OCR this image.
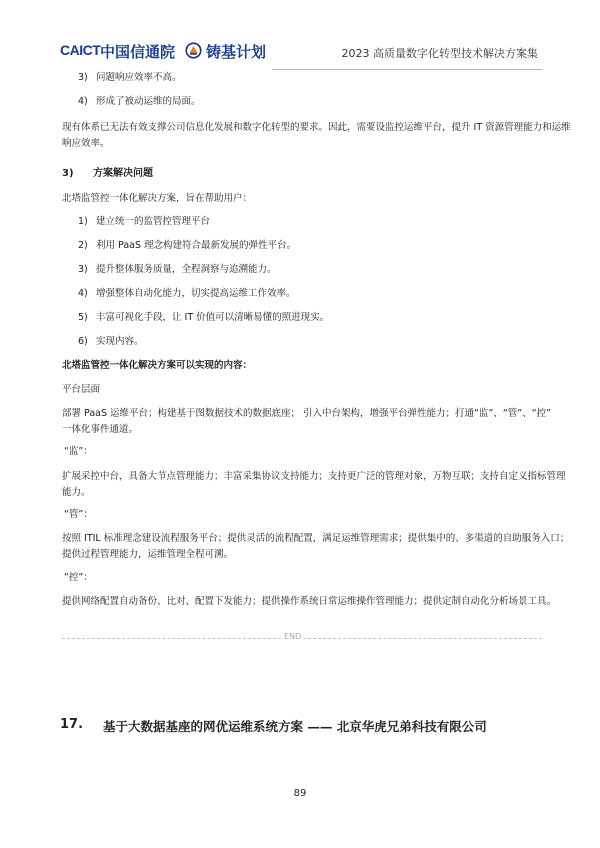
CAICT 中国信通院 铸基计划	2023 高质量数字化转型技术解决方案集
3) 问题响应效率不高。
4) 形成了被动运维的局面。
现有体系已无法有效支撑公司信息化发展和数字化转型的要求。因此，需要设监控运维平台，提升 IT 资源管理能力和运维
响应效率。
3) 方案解决问题
北塔监管控一体化解决方案，旨在帮助用户：
1) 建立统一的监管控管理平台
2) 利用 PaaS 理念构建符合最新发展的弹性平台。
3) 提升整体服务质量，全程洞察与追溯能力。
4) 增强整体自动化能力，切实提高运维工作效率。
5) 丰富可视化手段，让 IT 价值可以清晰易懂的照进现实。
6) 实现内容。
北塔监管控一体化解决方案可以实现的内容：
平台层面
部署 PaaS 运维平台；构建基于图数据技术的数据底座； 引入中台架构，增强平台弹性能力；打通“监”、“管”、“控”
一体化事件通道。
“监”：
扩展采控中台，具备大节点管理能力；丰富采集协议支持能力；支持更广泛的管理对象，万物互联；支持自定义指标管理
能力。
“管”：
按照 ITIL 标准理念建设流程服务平台；提供灵活的流程配置，满足运维管理需求；提供集中的、多渠道的自助服务入口；
提供过程管理能力，运维管理全程可溯。
“控”：
提供网络配置自动备份、比对、配置下发能力；提供操作系统日常运维操作管理能力；提供定制自动化分析场景工具。
END
17. 基于大数据基座的网优运维系统方案 —— 北京华虎兄弟科技有限公司
89
